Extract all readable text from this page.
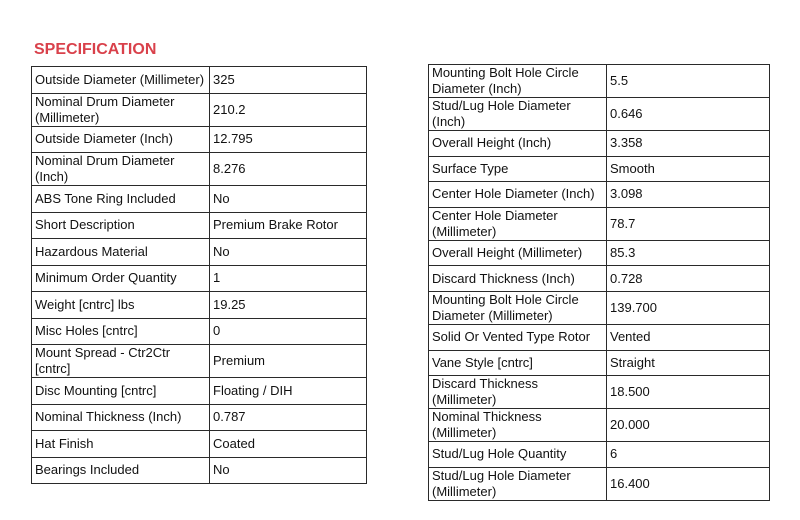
SPECIFICATION
Outside Diameter (Millimeter)	325
Nominal Drum Diameter (Millimeter)	210.2
Outside Diameter (Inch)	12.795
Nominal Drum Diameter (Inch)	8.276
ABS Tone Ring Included	No
Short Description	Premium Brake Rotor
Hazardous Material	No
Minimum Order Quantity	1
Weight [cntrc] lbs	19.25
Misc Holes [cntrc]	0
Mount Spread - Ctr2Ctr [cntrc]	Premium
Disc Mounting [cntrc]	Floating / DIH
Nominal Thickness (Inch)	0.787
Hat Finish	Coated
Bearings Included	No
Mounting Bolt Hole Circle Diameter (Inch)	5.5
Stud/Lug Hole Diameter (Inch)	0.646
Overall Height (Inch)	3.358
Surface Type	Smooth
Center Hole Diameter (Inch)	3.098
Center Hole Diameter (Millimeter)	78.7
Overall Height (Millimeter)	85.3
Discard Thickness (Inch)	0.728
Mounting Bolt Hole Circle Diameter (Millimeter)	139.700
Solid Or Vented Type Rotor	Vented
Vane Style [cntrc]	Straight
Discard Thickness (Millimeter)	18.500
Nominal Thickness (Millimeter)	20.000
Stud/Lug Hole Quantity	6
Stud/Lug Hole Diameter (Millimeter)	16.400
